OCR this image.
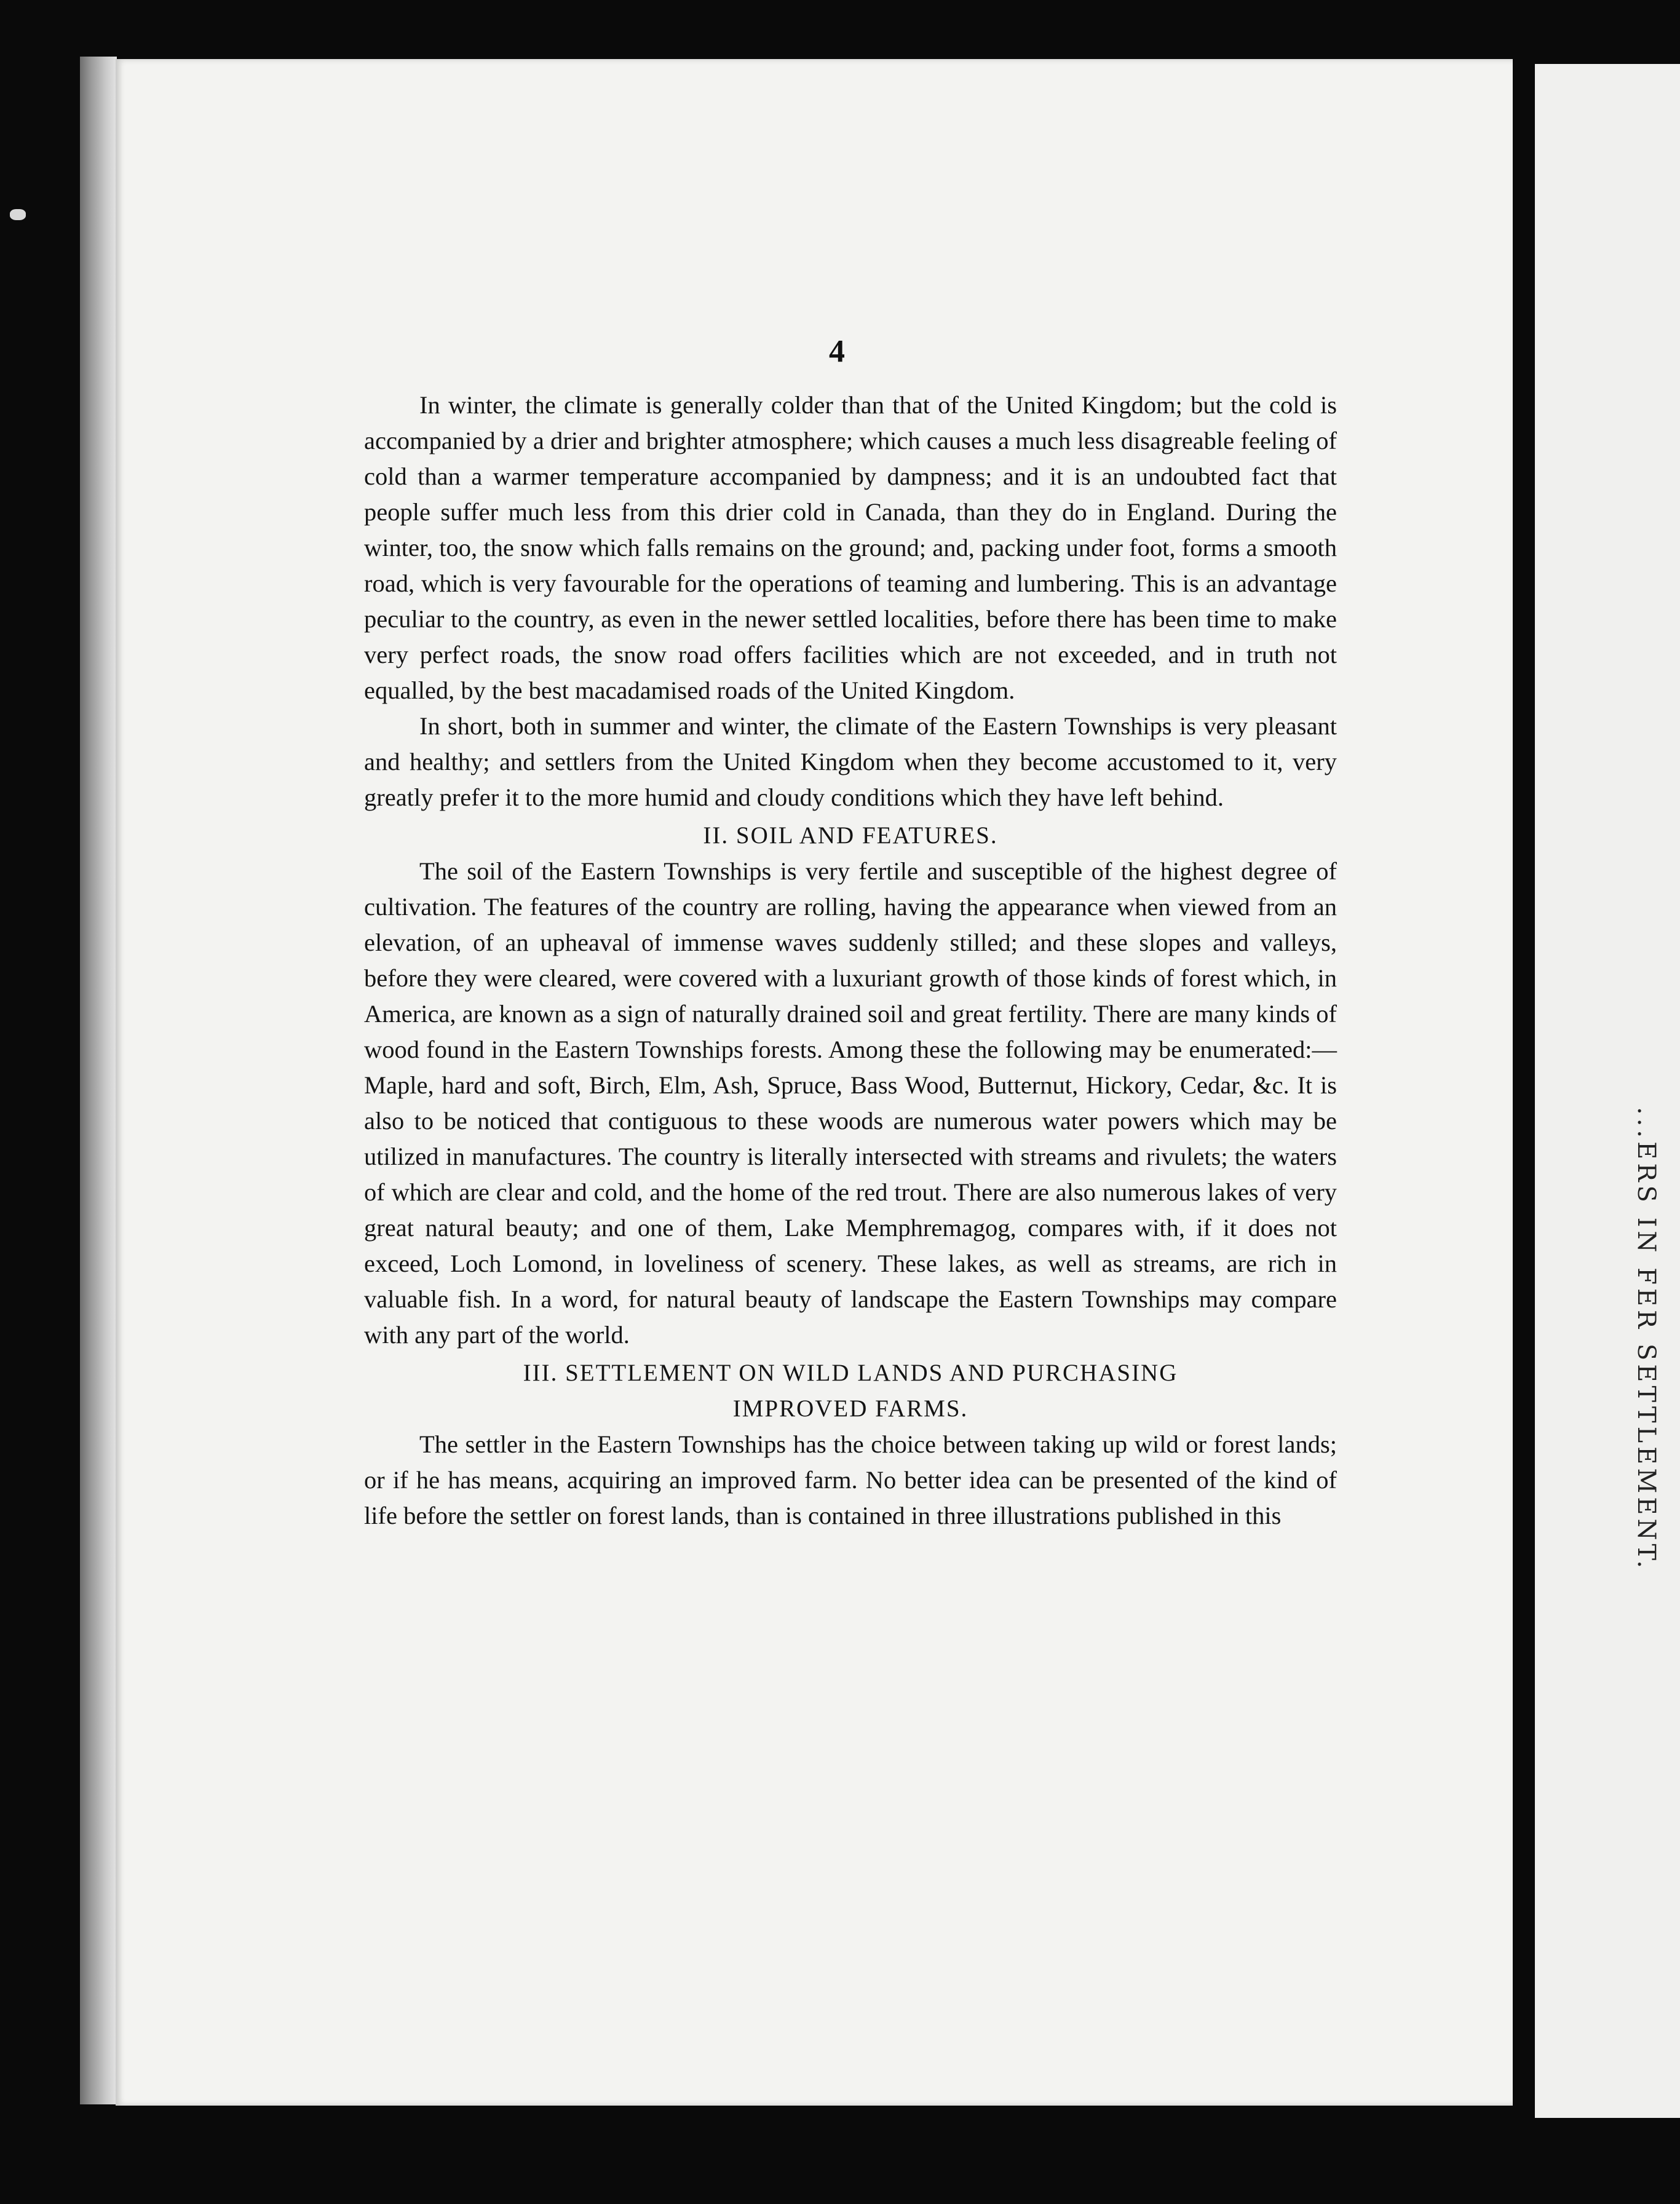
...ERS IN FER SETTLEMENT.
4

In winter, the climate is generally colder than that of the United Kingdom; but the cold is accompanied by a drier and brighter atmosphere; which causes a much less disagreable feeling of cold than a warmer temperature accompanied by dampness; and it is an undoubted fact that people suffer much less from this drier cold in Canada, than they do in England. During the winter, too, the snow which falls remains on the ground; and, packing under foot, forms a smooth road, which is very favourable for the operations of teaming and lumbering. This is an advantage peculiar to the country, as even in the newer settled localities, before there has been time to make very perfect roads, the snow road offers facilities which are not exceeded, and in truth not equalled, by the best macadamised roads of the United Kingdom.

In short, both in summer and winter, the climate of the Eastern Townships is very pleasant and healthy; and settlers from the United Kingdom when they become accustomed to it, very greatly prefer it to the more humid and cloudy conditions which they have left behind.

II. SOIL AND FEATURES.

The soil of the Eastern Townships is very fertile and susceptible of the highest degree of cultivation. The features of the country are rolling, having the appearance when viewed from an elevation, of an upheaval of immense waves suddenly stilled; and these slopes and valleys, before they were cleared, were covered with a luxuriant growth of those kinds of forest which, in America, are known as a sign of naturally drained soil and great fertility. There are many kinds of wood found in the Eastern Townships forests. Among these the following may be enumerated:—Maple, hard and soft, Birch, Elm, Ash, Spruce, Bass Wood, Butternut, Hickory, Cedar, &c. It is also to be noticed that contiguous to these woods are numerous water powers which may be utilized in manufactures. The country is literally intersected with streams and rivulets; the waters of which are clear and cold, and the home of the red trout. There are also numerous lakes of very great natural beauty; and one of them, Lake Memphremagog, compares with, if it does not exceed, Loch Lomond, in loveliness of scenery. These lakes, as well as streams, are rich in valuable fish. In a word, for natural beauty of landscape the Eastern Townships may compare with any part of the world.

III. SETTLEMENT ON WILD LANDS AND PURCHASING
IMPROVED FARMS.

The settler in the Eastern Townships has the choice between taking up wild or forest lands; or if he has means, acquiring an improved farm. No better idea can be presented of the kind of life before the settler on forest lands, than is contained in three illustrations published in this
